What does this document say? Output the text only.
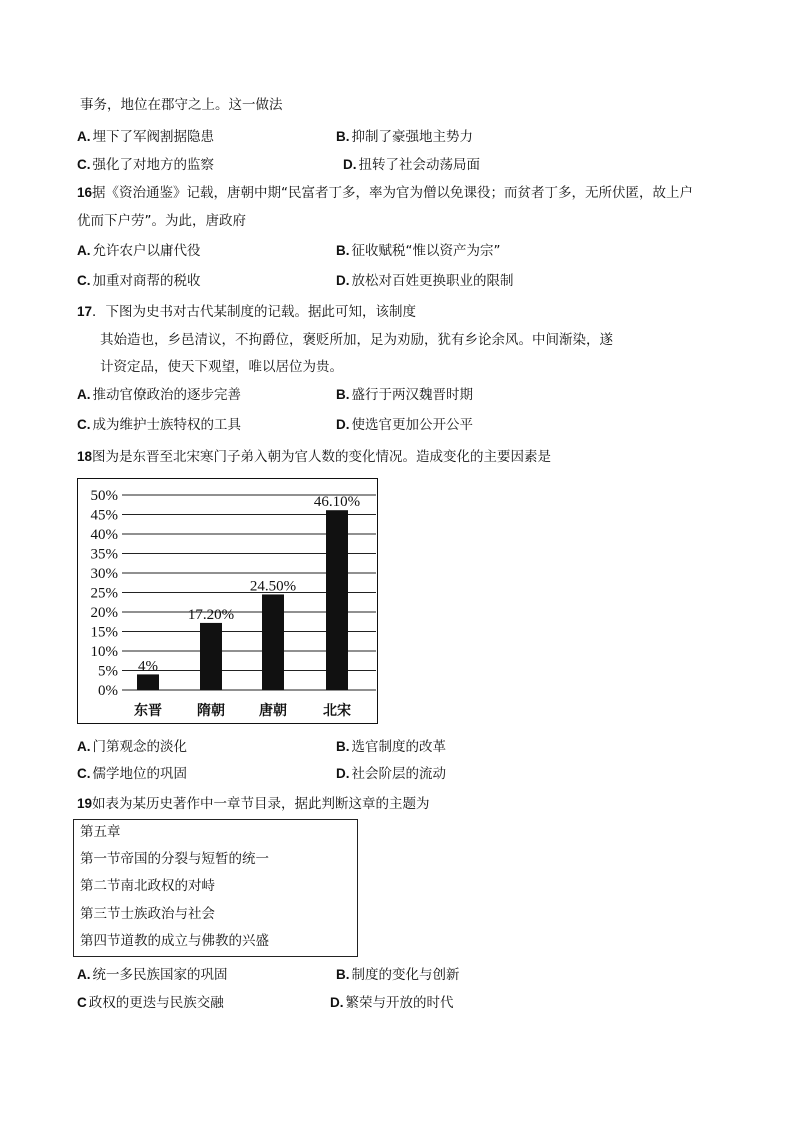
事务，地位在郡守之上。这一做法
A. 埋下了军阀割据隐患	B. 抑制了豪强地主势力
C. 强化了对地方的监察	D. 扭转了社会动荡局面
16据《资治通鉴》记载，唐朝中期“民富者丁多，率为官为僧以免课役；而贫者丁多，无所伏匿，故上户
优而下户劳”。为此，唐政府
A. 允许农户以庸代役	B. 征收赋税“惟以资产为宗”
C. 加重对商帮的税收	D. 放松对百姓更换职业的限制
17．下图为史书对古代某制度的记载。据此可知，该制度
其始造也，乡邑清议，不拘爵位，褒贬所加，足为劝励，犹有乡论余风。中间渐染，遂
计资定品，使天下观望，唯以居位为贵。
A. 推动官僚政治的逐步完善	B. 盛行于两汉魏晋时期
C. 成为维护士族特权的工具	D. 使选官更加公开公平
18图为是东晋至北宋寒门子弟入朝为官人数的变化情况。造成变化的主要因素是
0%
5%
10%
15%
20%
25%
30%
35%
40%
45%
50%
4%
东晋
17.20%
隋朝
24.50%
唐朝
46.10%
北宋
A. 门第观念的淡化	B. 选官制度的改革
C. 儒学地位的巩固	D. 社会阶层的流动
19如表为某历史著作中一章节目录，据此判断这章的主题为
第五章
第一节帝国的分裂与短暂的统一
第二节南北政权的对峙
第三节士族政治与社会
第四节道教的成立与佛教的兴盛
A. 统一多民族国家的巩固	B. 制度的变化与创新
C 政权的更迭与民族交融	D. 繁荣与开放的时代
